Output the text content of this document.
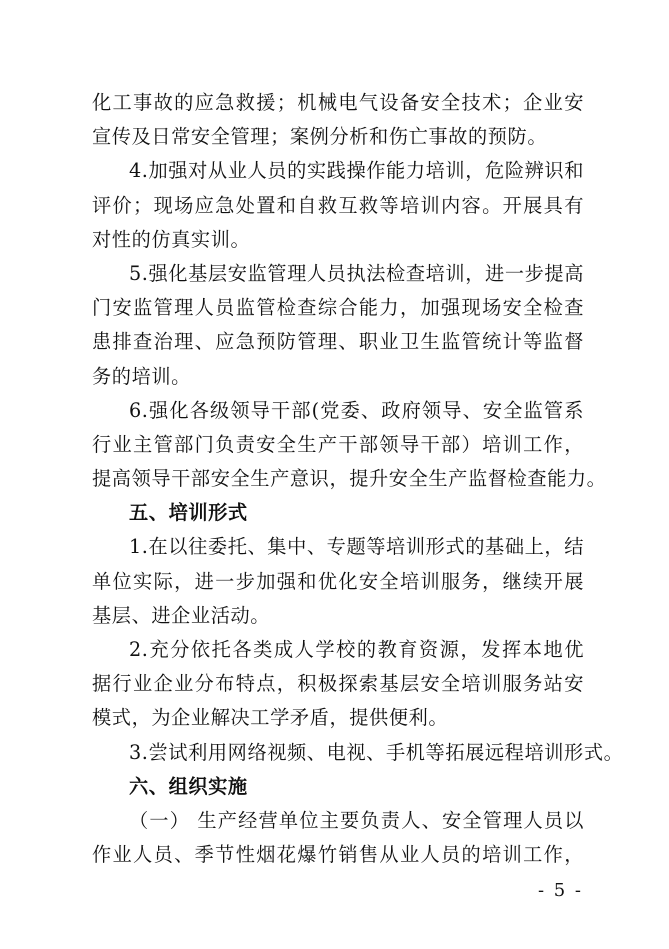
化工事故的应急救援；机械电气设备安全技术；企业安
宣传及日常安全管理；案例分析和伤亡事故的预防。
4.加强对从业人员的实践操作能力培训，危险辨识和
评价；现场应急处置和自救互救等培训内容。开展具有
对性的仿真实训。
5.强化基层安监管理人员执法检查培训，进一步提高
门安监管理人员监管检查综合能力，加强现场安全检查
患排查治理、应急预防管理、职业卫生监管统计等监督
务的培训。
6.强化各级领导干部(党委、政府领导、安全监管系
行业主管部门负责安全生产干部领导干部）培训工作，
提高领导干部安全生产意识，提升安全生产监督检查能力。
五、培训形式
1.在以往委托、集中、专题等培训形式的基础上，结
单位实际，进一步加强和优化安全培训服务，继续开展
基层、进企业活动。
2.充分依托各类成人学校的教育资源，发挥本地优
据行业企业分布特点，积极探索基层安全培训服务站安
模式，为企业解决工学矛盾，提供便利。
3.尝试利用网络视频、电视、手机等拓展远程培训形式。
六、组织实施
（一） 生产经营单位主要负责人、安全管理人员以
作业人员、季节性烟花爆竹销售从业人员的培训工作，
- 5 -
